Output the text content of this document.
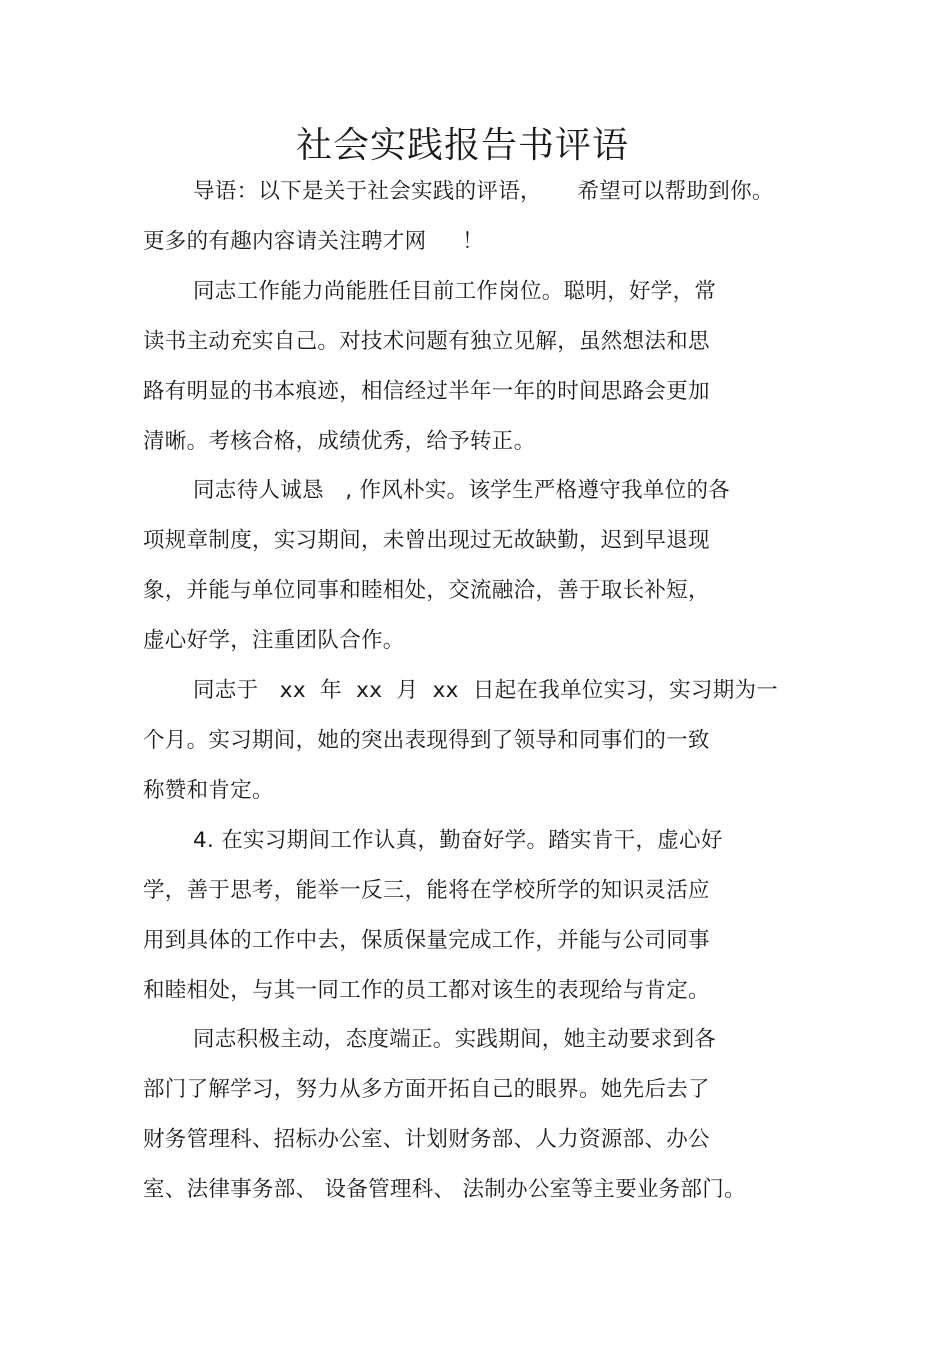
社会实践报告书评语
导语：以下是关于社会实践的评语，     希望可以帮助到你。
更多的有趣内容请关注聘才网     ！
同志工作能力尚能胜任目前工作岗位。聪明，好学，常
读书主动充实自己。对技术问题有独立见解，虽然想法和思
路有明显的书本痕迹，相信经过半年一年的时间思路会更加
清晰。考核合格，成绩优秀，给予转正。
同志待人诚恳   , 作风朴实。该学生严格遵守我单位的各
项规章制度，实习期间，未曾出现过无故缺勤，迟到早退现
象，并能与单位同事和睦相处，交流融洽，善于取长补短，
虚心好学，注重团队合作。
同志于   xx  年  xx  月  xx  日起在我单位实习，实习期为一
个月。实习期间，她的突出表现得到了领导和同事们的一致
称赞和肯定。
4. 在实习期间工作认真，勤奋好学。踏实肯干，虚心好
学，善于思考，能举一反三，能将在学校所学的知识灵活应
用到具体的工作中去，保质保量完成工作，并能与公司同事
和睦相处，与其一同工作的员工都对该生的表现给与肯定。
同志积极主动，态度端正。实践期间，她主动要求到各
部门了解学习，努力从多方面开拓自己的眼界。她先后去了
财务管理科、招标办公室、计划财务部、人力资源部、办公
室、法律事务部、 设备管理科、 法制办公室等主要业务部门。
